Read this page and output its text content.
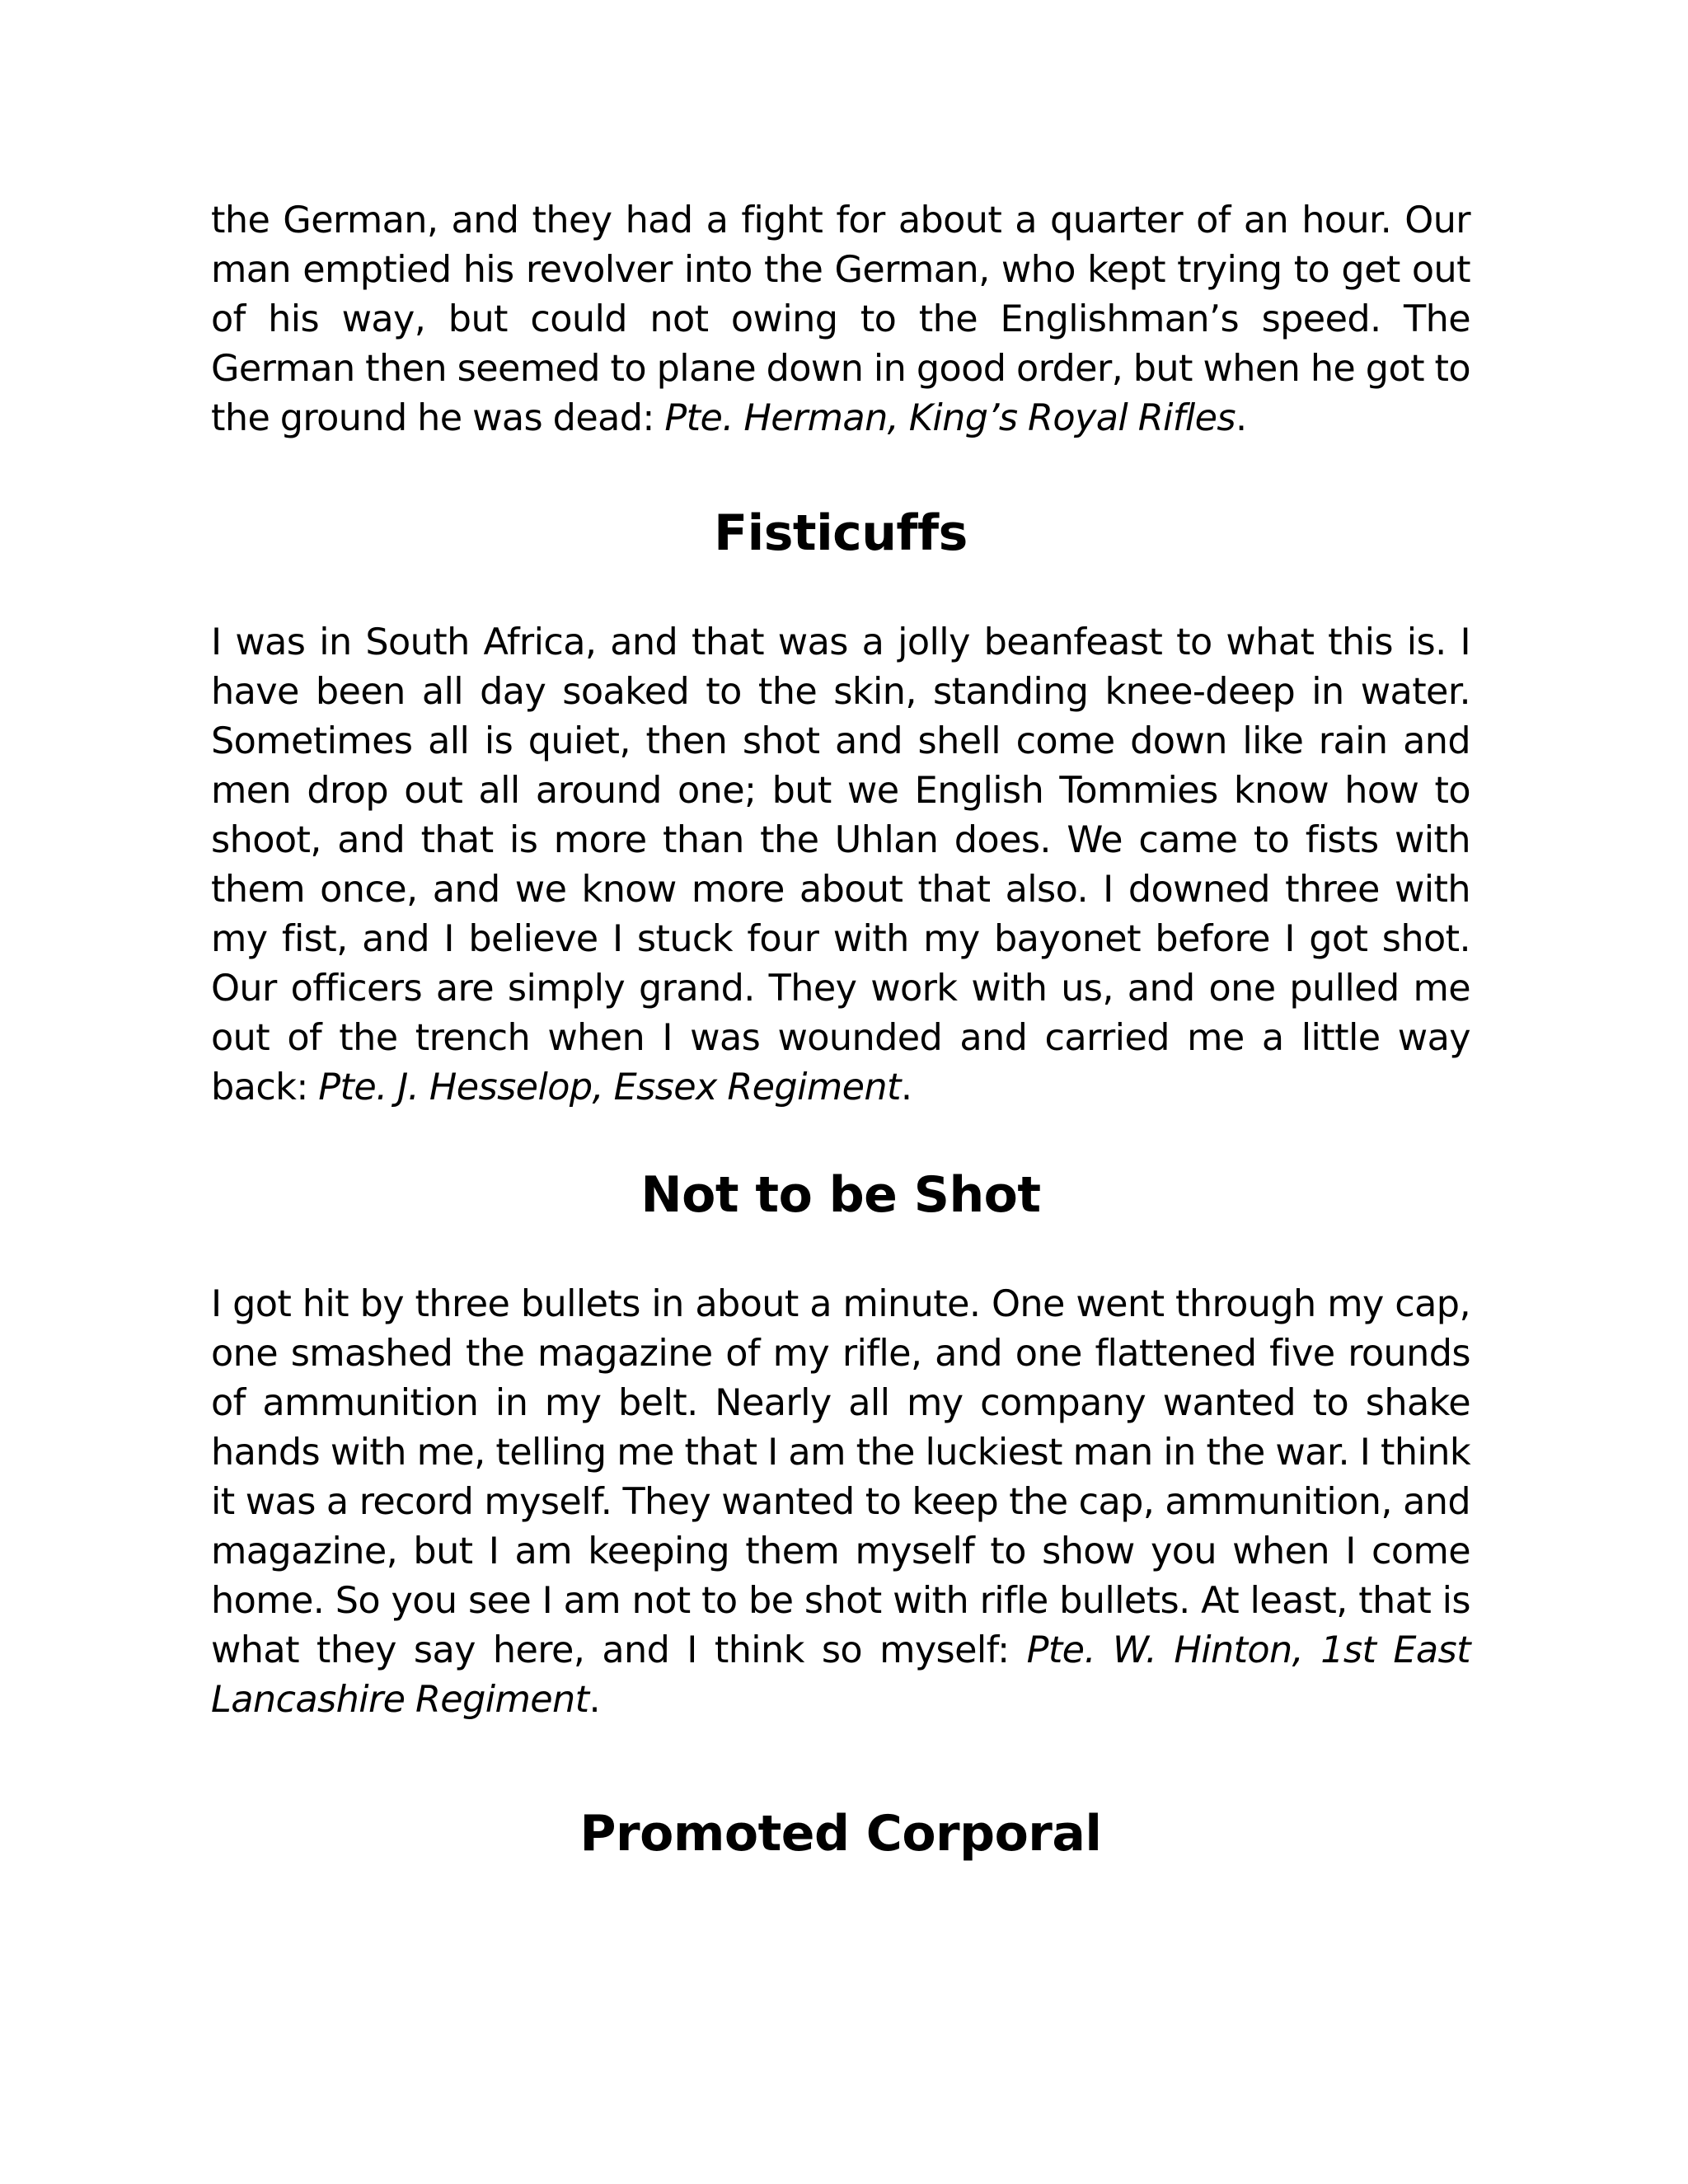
the German, and they had a fight for about a quarter of an hour. Our man emptied his revolver into the German, who kept trying to get out of his way, but could not owing to the Englishman’s speed. The German then seemed to plane down in good order, but when he got to the ground he was dead: Pte. Herman, King’s Royal Rifles.

Fisticuffs

I was in South Africa, and that was a jolly beanfeast to what this is. I have been all day soaked to the skin, standing knee-deep in water. Sometimes all is quiet, then shot and shell come down like rain and men drop out all around one; but we English Tommies know how to shoot, and that is more than the Uhlan does. We came to fists with them once, and we know more about that also. I downed three with my fist, and I believe I stuck four with my bayonet before I got shot. Our officers are simply grand. They work with us, and one pulled me out of the trench when I was wounded and carried me a little way back: Pte. J. Hesselop, Essex Regiment.

Not to be Shot

I got hit by three bullets in about a minute. One went through my cap, one smashed the magazine of my rifle, and one flattened five rounds of ammunition in my belt. Nearly all my company wanted to shake hands with me, telling me that I am the luckiest man in the war. I think it was a record myself. They wanted to keep the cap, ammunition, and magazine, but I am keeping them myself to show you when I come home. So you see I am not to be shot with rifle bullets. At least, that is what they say here, and I think so myself: Pte. W. Hinton, 1st East Lancashire Regiment.

Promoted Corporal
